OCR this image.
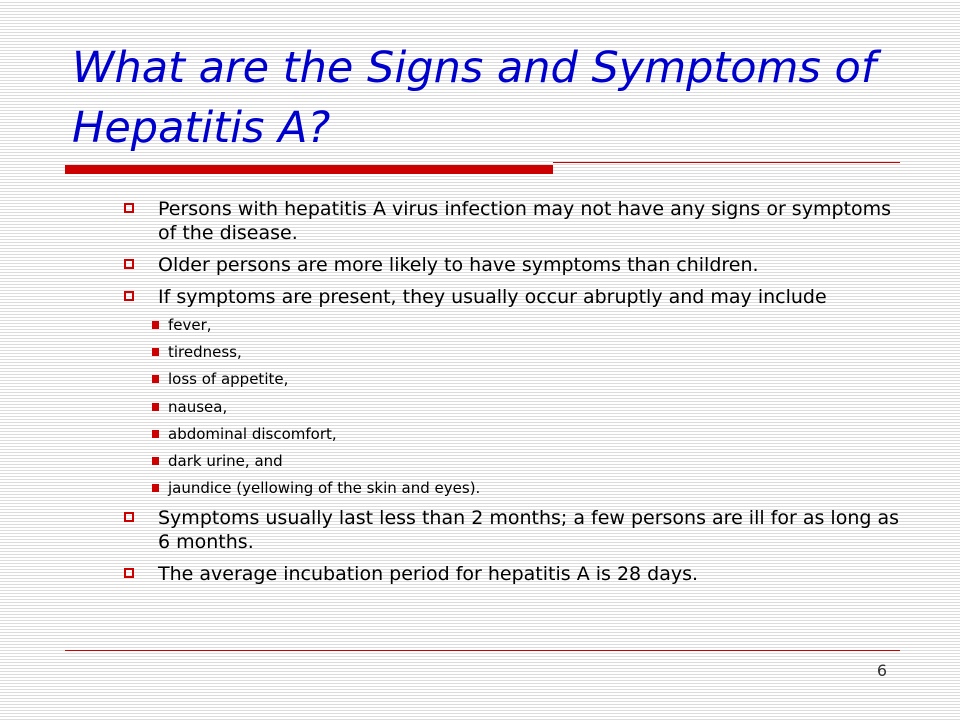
What are the Signs and Symptoms of Hepatitis A?
Persons with hepatitis A virus infection may not have any signs or symptoms of the disease.
Older persons are more likely to have symptoms than children.
If symptoms are present, they usually occur abruptly and may include
fever,
tiredness,
loss of appetite,
nausea,
abdominal discomfort,
dark urine, and
jaundice (yellowing of the skin and eyes).
Symptoms usually last less than 2 months; a few persons are ill for as long as 6 months.
The average incubation period for hepatitis A is 28 days.
6
